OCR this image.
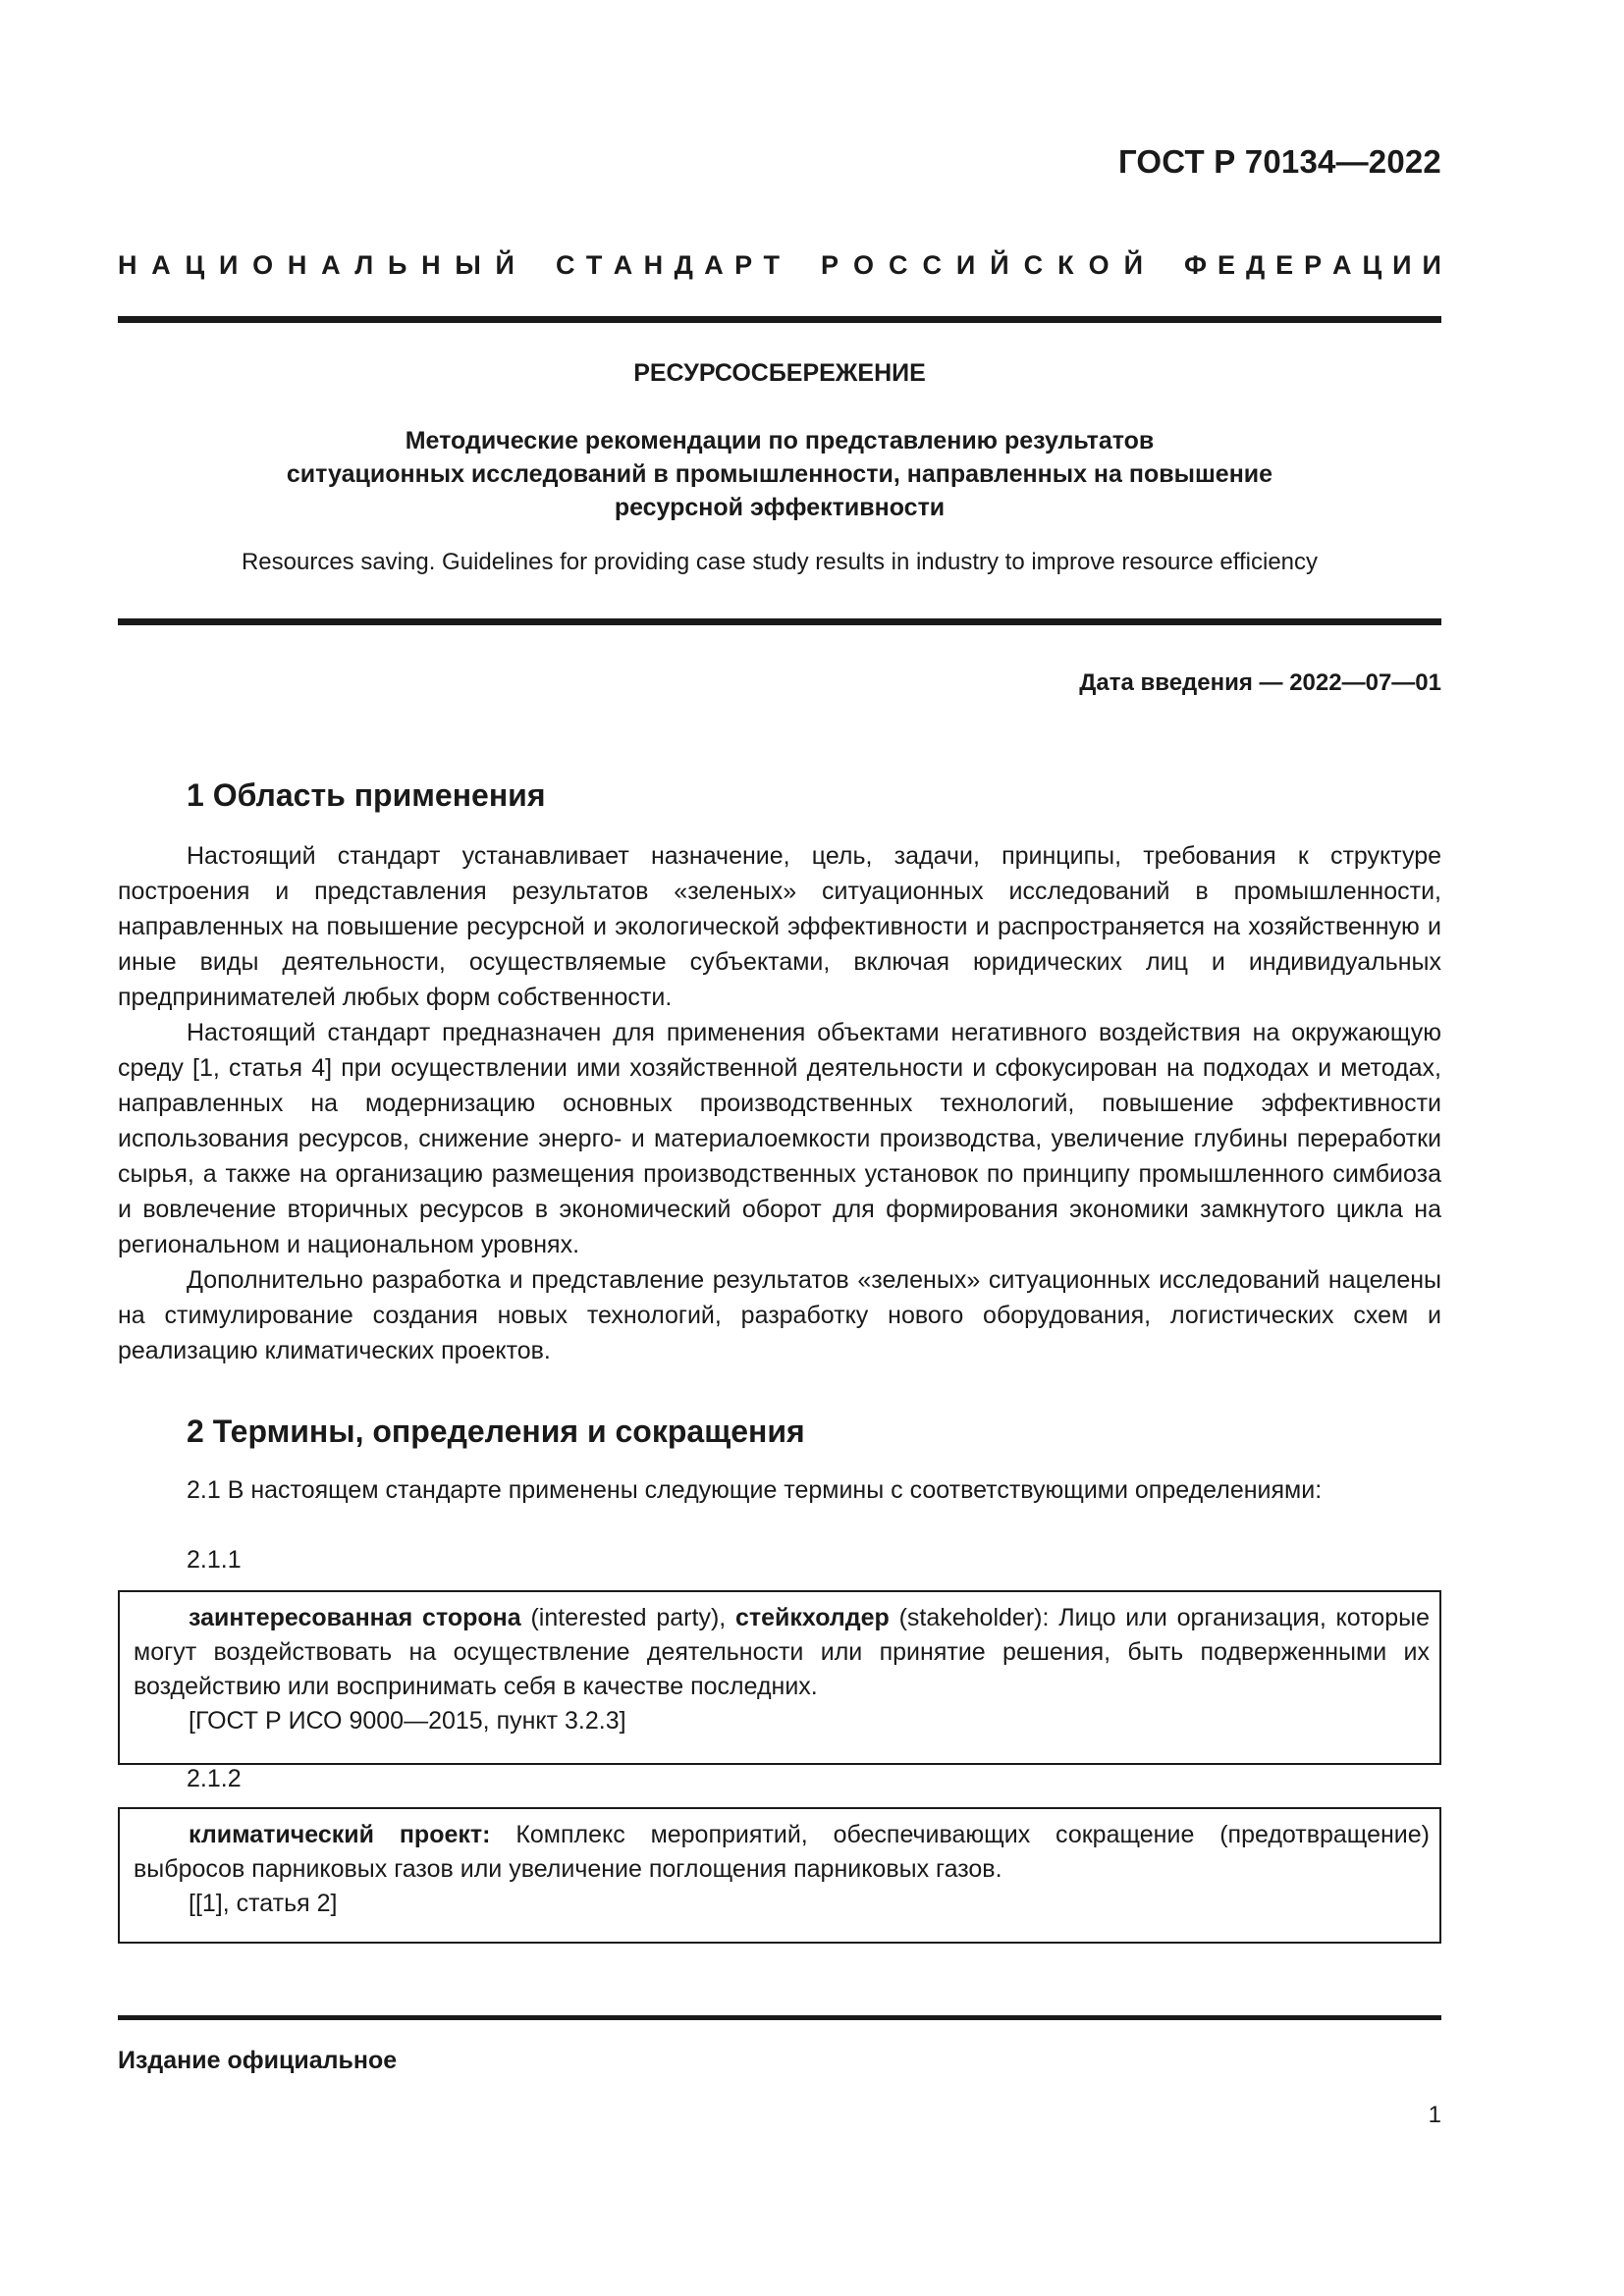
ГОСТ Р 70134—2022
Н А Ц И О Н А Л Ь Н Ы Й С Т А Н Д А Р Т Р О С С И Й С К О Й Ф Е Д Е Р А Ц И И
РЕСУРСОСБЕРЕЖЕНИЕ
Методические рекомендации по представлению результатов
ситуационных исследований в промышленности, направленных на повышение
ресурсной эффективности
Resources saving. Guidelines for providing case study results in industry to improve resource efficiency
Дата введения — 2022—07—01
1 Область применения

Настоящий стандарт устанавливает назначение, цель, задачи, принципы, требования к структуре построения и представления результатов «зеленых» ситуационных исследований в промышленности, направленных на повышение ресурсной и экологической эффективности и распространяется на хозяйственную и иные виды деятельности, осуществляемые субъектами, включая юридических лиц и индивидуальных предпринимателей любых форм собственности.

Настоящий стандарт предназначен для применения объектами негативного воздействия на окружающую среду [1, статья 4] при осуществлении ими хозяйственной деятельности и сфокусирован на подходах и методах, направленных на модернизацию основных производственных технологий, повышение эффективности использования ресурсов, снижение энерго- и материалоемкости производства, увеличение глубины переработки сырья, а также на организацию размещения производственных установок по принципу промышленного симбиоза и вовлечение вторичных ресурсов в экономический оборот для формирования экономики замкнутого цикла на региональном и национальном уровнях.

Дополнительно разработка и представление результатов «зеленых» ситуационных исследований нацелены на стимулирование создания новых технологий, разработку нового оборудования, логистических схем и реализацию климатических проектов.

2 Термины, определения и сокращения

2.1 В настоящем стандарте применены следующие термины с соответствующими определениями:

2.1.1

заинтересованная сторона (interested party), стейкхолдер (stakeholder): Лицо или организация, которые могут воздействовать на осуществление деятельности или принятие решения, быть подверженными их воздействию или воспринимать себя в качестве последних.

[ГОСТ Р ИСО 9000—2015, пункт 3.2.3]

2.1.2

климатический проект: Комплекс мероприятий, обеспечивающих сокращение (предотвращение) выбросов парниковых газов или увеличение поглощения парниковых газов.

[[1], статья 2]

Издание официальное
1
